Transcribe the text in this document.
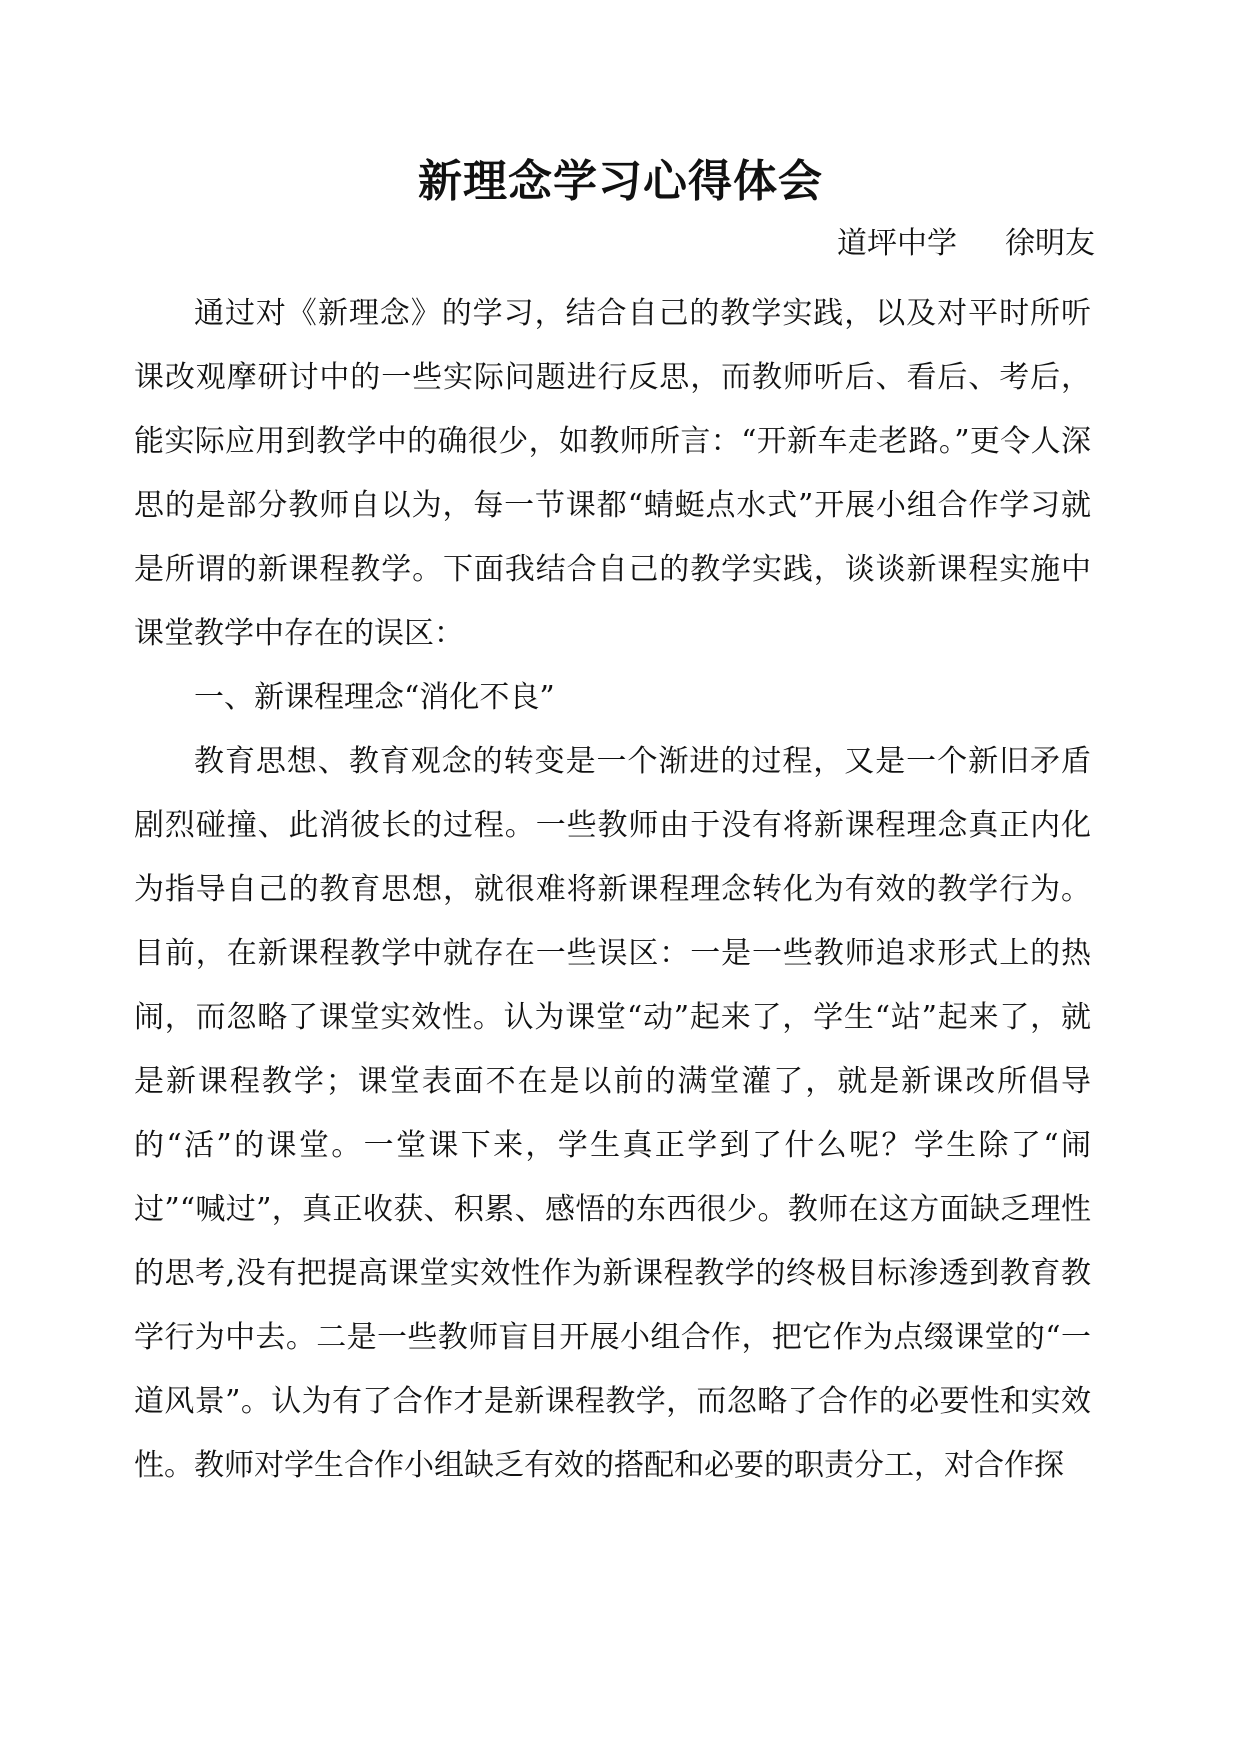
新理念学习心得体会
道坪中学 徐明友

通过对《新理念》的学习，结合自己的教学实践，以及对平时所听课改观摩研讨中的一些实际问题进行反思，而教师听后、看后、考后，能实际应用到教学中的确很少，如教师所言：“开新车走老路。”更令人深思的是部分教师自以为，每一节课都“蜻蜓点水式”开展小组合作学习就是所谓的新课程教学。下面我结合自己的教学实践，谈谈新课程实施中课堂教学中存在的误区：

一、新课程理念“消化不良”

教育思想、教育观念的转变是一个渐进的过程，又是一个新旧矛盾剧烈碰撞、此消彼长的过程。一些教师由于没有将新课程理念真正内化为指导自己的教育思想，就很难将新课程理念转化为有效的教学行为。目前，在新课程教学中就存在一些误区：一是一些教师追求形式上的热闹，而忽略了课堂实效性。认为课堂“动”起来了，学生“站”起来了，就是新课程教学；课堂表面不在是以前的满堂灌了，就是新课改所倡导的“活”的课堂。一堂课下来，学生真正学到了什么呢？学生除了“闹过”“喊过”，真正收获、积累、感悟的东西很少。教师在这方面缺乏理性的思考,没有把提高课堂实效性作为新课程教学的终极目标渗透到教育教学行为中去。二是一些教师盲目开展小组合作，把它作为点缀课堂的“一道风景”。认为有了合作才是新课程教学，而忽略了合作的必要性和实效性。教师对学生合作小组缺乏有效的搭配和必要的职责分工，对合作探
